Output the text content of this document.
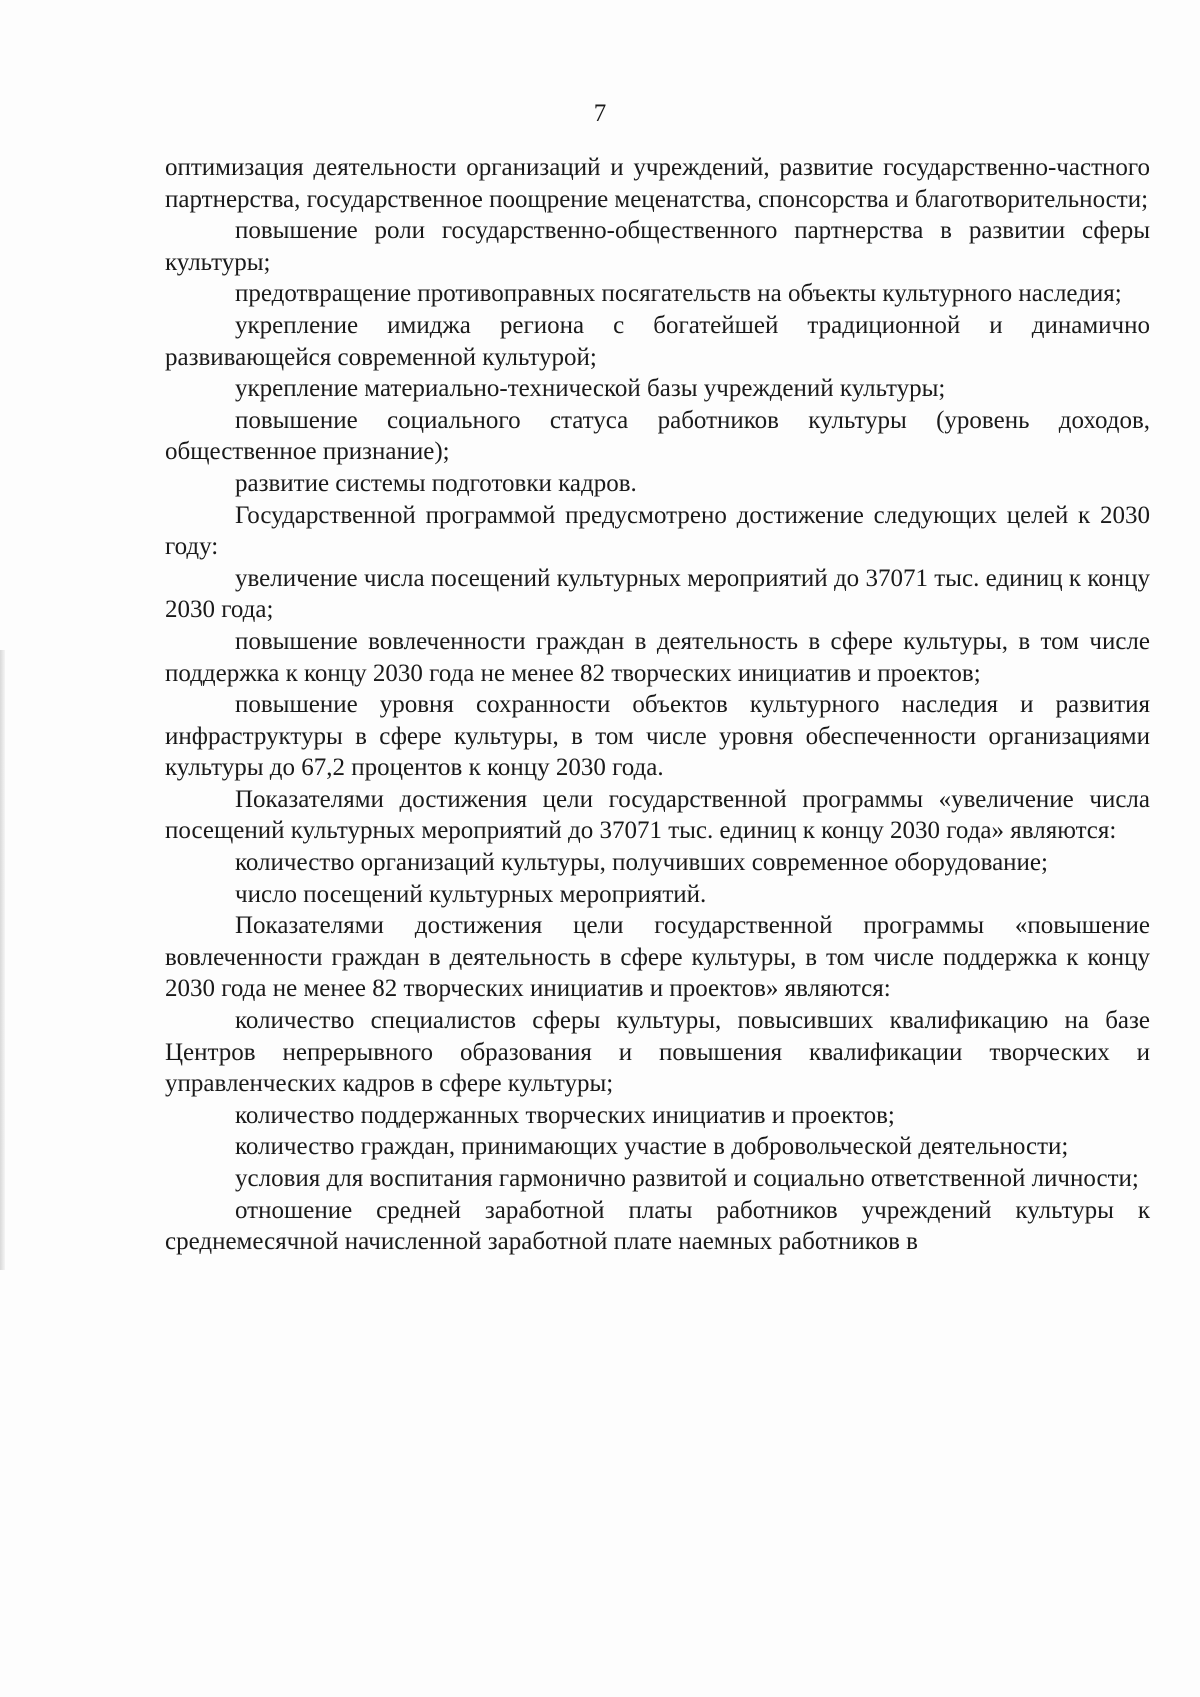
7

оптимизация деятельности организаций и учреждений, развитие государственно-частного партнерства, государственное поощрение меценатства, спонсорства и благотворительности;

повышение роли государственно-общественного партнерства в развитии сферы культуры;

предотвращение противоправных посягательств на объекты культурного наследия;

укрепление имиджа региона с богатейшей традиционной и динамично развивающейся современной культурой;

укрепление материально-технической базы учреждений культуры;

повышение социального статуса работников культуры (уровень доходов, общественное признание);

развитие системы подготовки кадров.

Государственной программой предусмотрено достижение следующих целей к 2030 году:

увеличение числа посещений культурных мероприятий до 37071 тыс. единиц к концу 2030 года;

повышение вовлеченности граждан в деятельность в сфере культуры, в том числе поддержка к концу 2030 года не менее 82 творческих инициатив и проектов;

повышение уровня сохранности объектов культурного наследия и развития инфраструктуры в сфере культуры, в том числе уровня обеспеченности организациями культуры до 67,2 процентов к концу 2030 года.

Показателями достижения цели государственной программы «увеличение числа посещений культурных мероприятий до 37071 тыс. единиц к концу 2030 года» являются:

количество организаций культуры, получивших современное оборудование;

число посещений культурных мероприятий.

Показателями достижения цели государственной программы «повышение вовлеченности граждан в деятельность в сфере культуры, в том числе поддержка к концу 2030 года не менее 82 творческих инициатив и проектов» являются:

количество специалистов сферы культуры, повысивших квалификацию на базе Центров непрерывного образования и повышения квалификации творческих и управленческих кадров в сфере культуры;

количество поддержанных творческих инициатив и проектов;

количество граждан, принимающих участие в добровольческой деятельности;

условия для воспитания гармонично развитой и социально ответственной личности;

отношение средней заработной платы работников учреждений культуры к среднемесячной начисленной заработной плате наемных работников в
